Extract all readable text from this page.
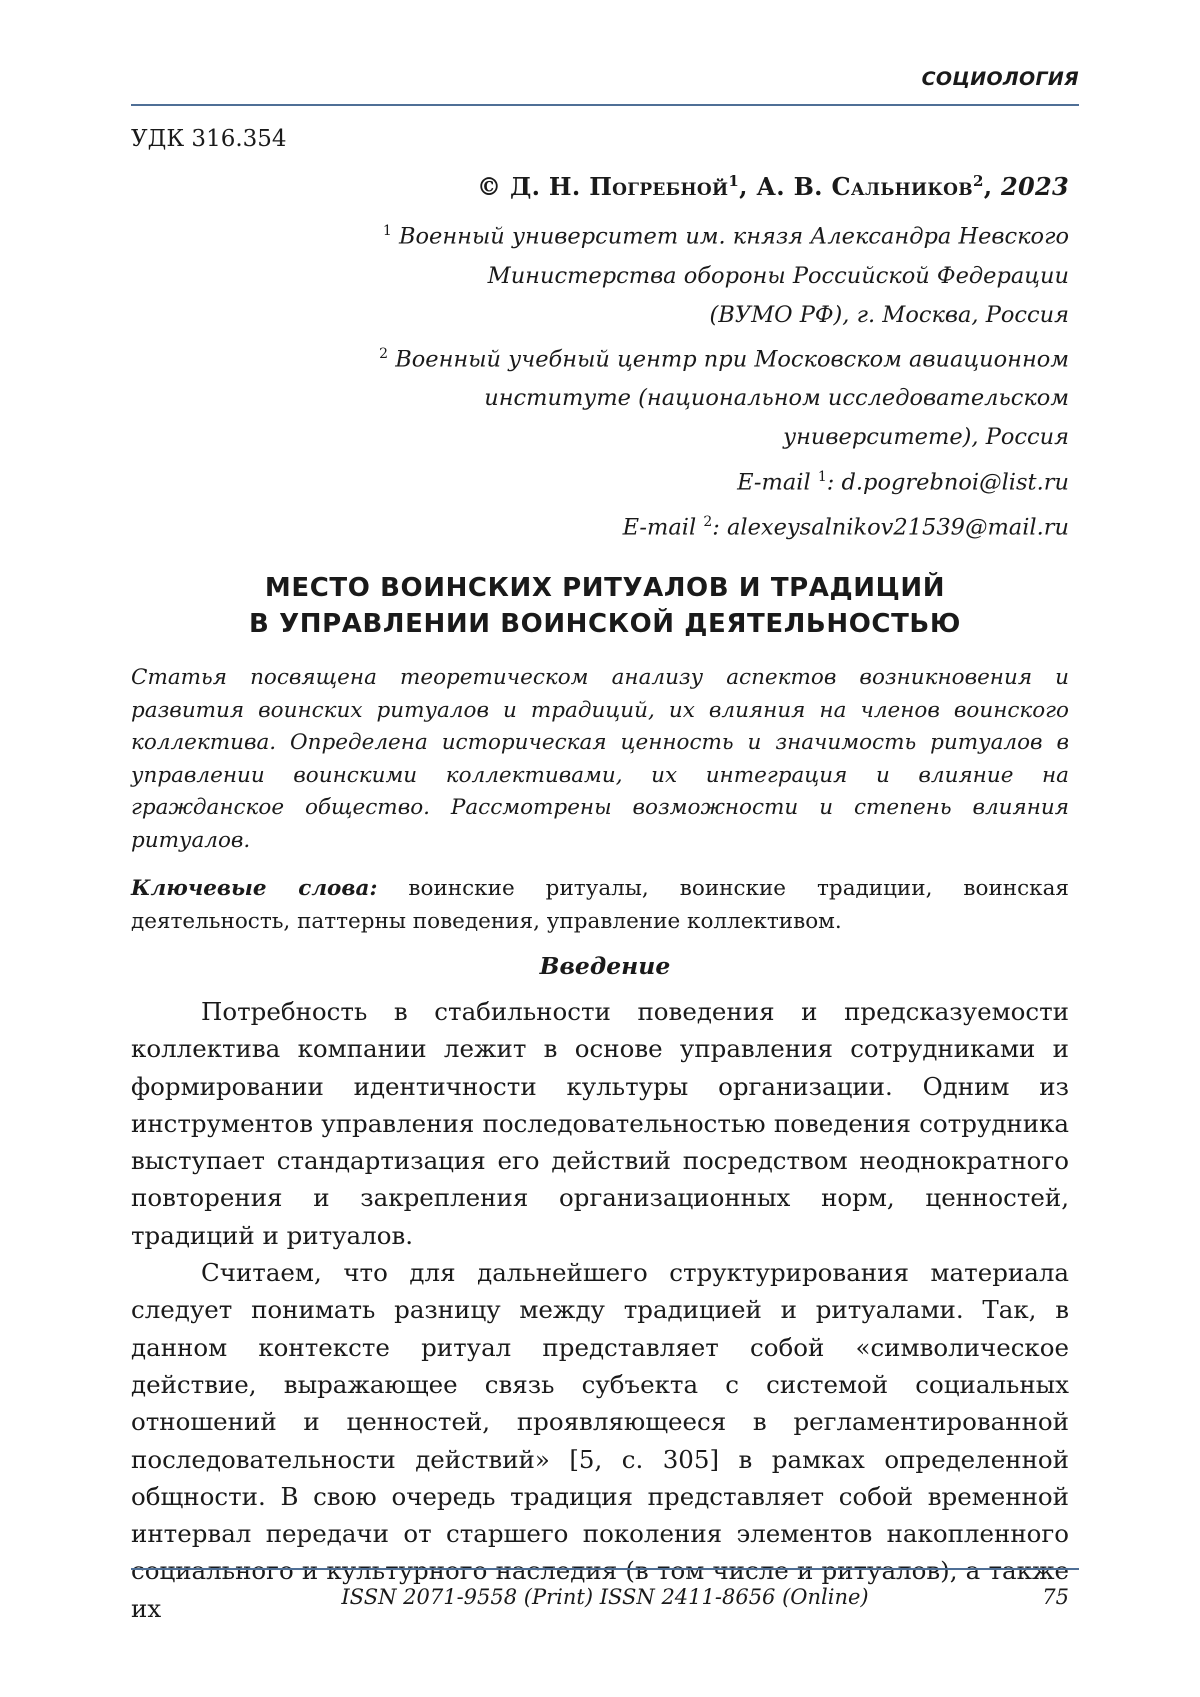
СОЦИОЛОГИЯ
УДК 316.354
© Д. Н. Погребной$^1$, А. В. Сальников$^2$, 2023
$^1$ Военный университет им. князя Александра Невского
Министерства обороны Российской Федерации
(ВУМО РФ), г. Москва, Россия
$^2$ Военный учебный центр при Московском авиационном
институте (национальном исследовательском
университете), Россия
E-mail $^1$: d.pogrebnoi@list.ru
E-mail $^2$: alexeysalnikov21539@mail.ru
МЕСТО ВОИНСКИХ РИТУАЛОВ И ТРАДИЦИЙ
В УПРАВЛЕНИИ ВОИНСКОЙ ДЕЯТЕЛЬНОСТЬЮ
Статья посвящена теоретическом анализу аспектов возникновения и развития воинских ритуалов и традиций, их влияния на членов воинского коллектива. Определена историческая ценность и значимость ритуалов в управлении воинскими коллективами, их интеграция и влияние на гражданское общество. Рассмотрены возможности и степень влияния ритуалов.
Ключевые слова: воинские ритуалы, воинские традиции, воинская деятельность, паттерны поведения, управление коллективом.
Введение

Потребность в стабильности поведения и предсказуемости коллектива компании лежит в основе управления сотрудниками и формировании идентичности культуры организации. Одним из инструментов управления последовательностью поведения сотрудника выступает стандартизация его действий посредством неоднократного повторения и закрепления организационных норм, ценностей, традиций и ритуалов.

Считаем, что для дальнейшего структурирования материала следует понимать разницу между традицией и ритуалами. Так, в данном контексте ритуал представляет собой «символическое действие, выражающее связь субъекта с системой социальных отношений и ценностей, проявляющееся в регламентированной последовательности действий» [5, с. 305] в рамках определенной общности. В свою очередь традиция представляет собой временной интервал передачи от старшего поколения элементов накопленного социального и культурного наследия (в том числе и ритуалов), а также их	ISSN 2071-9558 (Print) ISSN 2411-8656 (Online)	75
